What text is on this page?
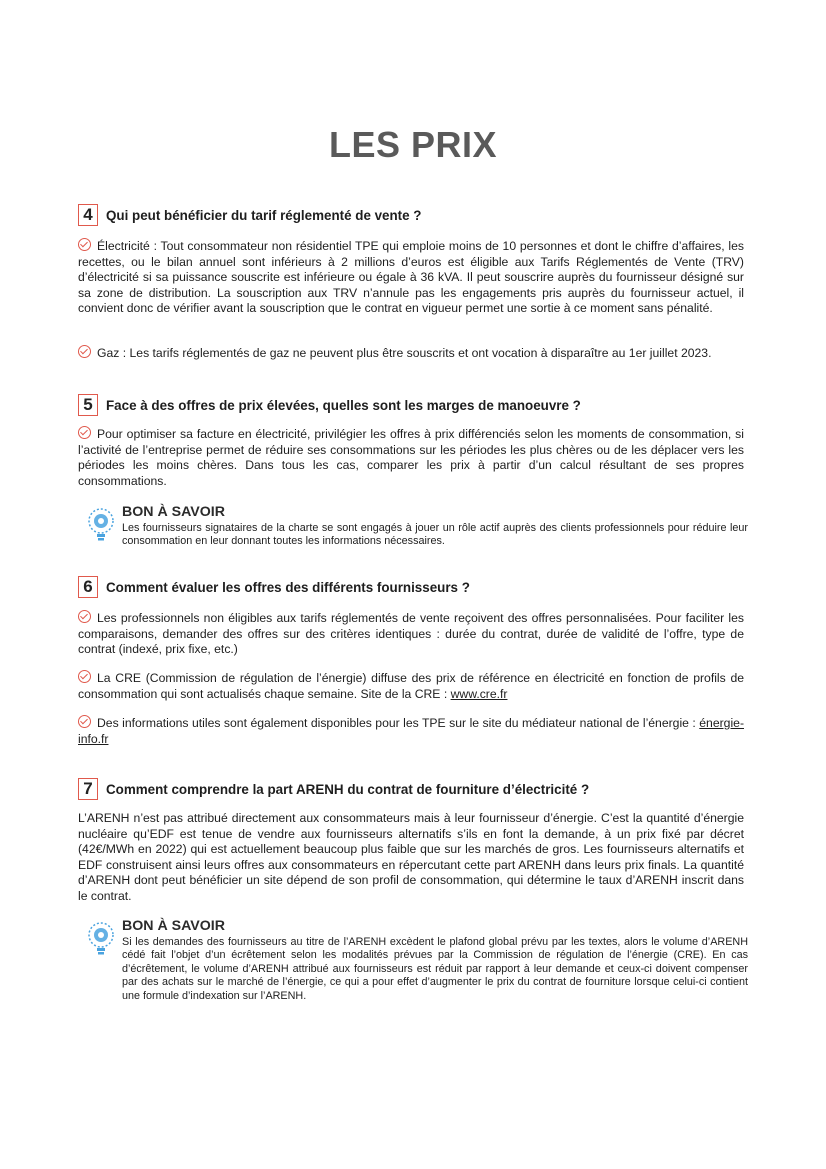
LES PRIX
4 Qui peut bénéficier du tarif réglementé de vente ?

Électricité : Tout consommateur non résidentiel TPE qui emploie moins de 10 personnes et dont le chiffre d’affaires, les recettes, ou le bilan annuel sont inférieurs à 2 millions d’euros est éligible aux Tarifs Réglementés de Vente (TRV) d’électricité si sa puissance souscrite est inférieure ou égale à 36 kVA. Il peut souscrire auprès du fournisseur désigné sur sa zone de distribution. La souscription aux TRV n’annule pas les engagements pris auprès du fournisseur actuel, il convient donc de vérifier avant la souscription que le contrat en vigueur permet une sortie à ce moment sans pénalité.

Gaz : Les tarifs réglementés de gaz ne peuvent plus être souscrits et ont vocation à disparaître au 1er juillet 2023.

5 Face à des offres de prix élevées, quelles sont les marges de manoeuvre ?

Pour optimiser sa facture en électricité, privilégier les offres à prix différenciés selon les moments de consommation, si l’activité de l’entreprise permet de réduire ses consommations sur les périodes les plus chères ou de les déplacer vers les périodes les moins chères. Dans tous les cas, comparer les prix à partir d’un calcul résultant de ses propres consommations.

BON À SAVOIR

Les fournisseurs signataires de la charte se sont engagés à jouer un rôle actif auprès des clients professionnels pour réduire leur consommation en leur donnant toutes les informations nécessaires.

6 Comment évaluer les offres des différents fournisseurs ?

Les professionnels non éligibles aux tarifs réglementés de vente reçoivent des offres personnalisées. Pour faciliter les comparaisons, demander des offres sur des critères identiques : durée du contrat, durée de validité de l’offre, type de contrat (indexé, prix fixe, etc.)

La CRE (Commission de régulation de l’énergie) diffuse des prix de référence en électricité en fonction de profils de consommation qui sont actualisés chaque semaine. Site de la CRE : www.cre.fr

Des informations utiles sont également disponibles pour les TPE sur le site du médiateur national de l’énergie : énergie-info.fr

7 Comment comprendre la part ARENH du contrat de fourniture d’électricité ?

L’ARENH n’est pas attribué directement aux consommateurs mais à leur fournisseur d’énergie. C’est la quantité d’énergie nucléaire qu’EDF est tenue de vendre aux fournisseurs alternatifs s’ils en font la demande, à un prix fixé par décret (42€/MWh en 2022) qui est actuellement beaucoup plus faible que sur les marchés de gros. Les fournisseurs alternatifs et EDF construisent ainsi leurs offres aux consommateurs en répercutant cette part ARENH dans leurs prix finals. La quantité d’ARENH dont peut bénéficier un site dépend de son profil de consommation, qui détermine le taux d’ARENH inscrit dans le contrat.

BON À SAVOIR

Si les demandes des fournisseurs au titre de l’ARENH excèdent le plafond global prévu par les textes, alors le volume d’ARENH cédé fait l’objet d’un écrêtement selon les modalités prévues par la Commission de régulation de l’énergie (CRE). En cas d’écrêtement, le volume d’ARENH attribué aux fournisseurs est réduit par rapport à leur demande et ceux-ci doivent compenser par des achats sur le marché de l’énergie, ce qui a pour effet d’augmenter le prix du contrat de fourniture lorsque celui-ci contient une formule d’indexation sur l’ARENH.
